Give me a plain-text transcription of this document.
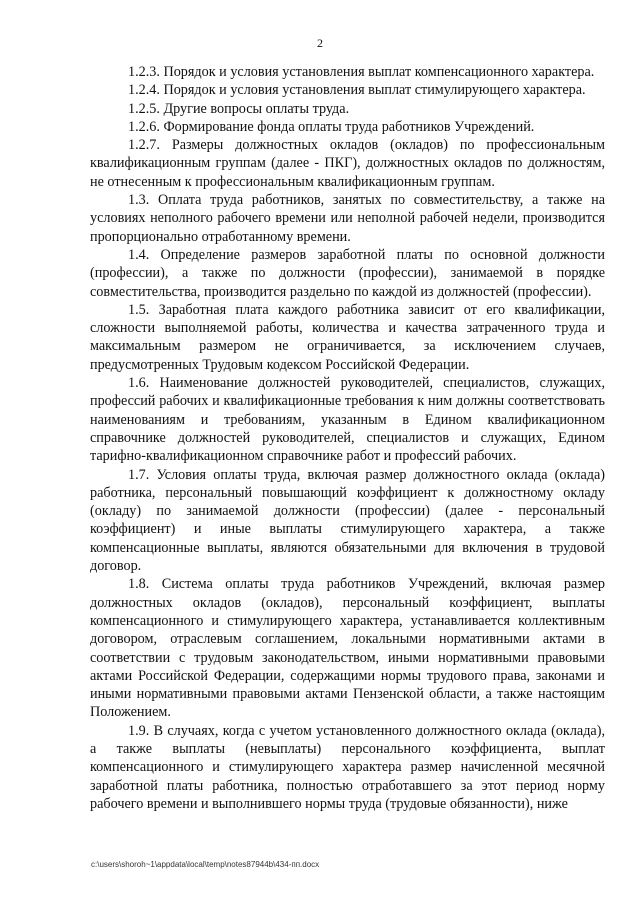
2

1.2.3. Порядок и условия установления выплат компенсационного характера.

1.2.4. Порядок и условия установления выплат стимулирующего характера.

1.2.5. Другие вопросы оплаты труда.

1.2.6. Формирование фонда оплаты труда работников Учреждений.

1.2.7. Размеры должностных окладов (окладов) по профессиональным квалификационным группам (далее - ПКГ), должностных окладов по должностям, не отнесенным к профессиональным квалификационным группам.

1.3. Оплата труда работников, занятых по совместительству, а также на условиях неполного рабочего времени или неполной рабочей недели, производится пропорционально отработанному времени.

1.4. Определение размеров заработной платы по основной должности (профессии), а также по должности (профессии), занимаемой в порядке совместительства, производится раздельно по каждой из должностей (профессии).

1.5. Заработная плата каждого работника зависит от его квалификации, сложности выполняемой работы, количества и качества затраченного труда и максимальным размером не ограничивается, за исключением случаев, предусмотренных Трудовым кодексом Российской Федерации.

1.6. Наименование должностей руководителей, специалистов, служащих, профессий рабочих и квалификационные требования к ним должны соответствовать наименованиям и требованиям, указанным в Едином квалификационном справочнике должностей руководителей, специалистов и служащих, Едином тарифно-квалификационном справочнике работ и профессий рабочих.

1.7. Условия оплаты труда, включая размер должностного оклада (оклада) работника, персональный повышающий коэффициент к должностному окладу (окладу) по занимаемой должности (профессии) (далее - персональный коэффициент) и иные выплаты стимулирующего характера, а также компенсационные выплаты, являются обязательными для включения в трудовой договор.

1.8. Система оплаты труда работников Учреждений, включая размер должностных окладов (окладов), персональный коэффициент, выплаты компенсационного и стимулирующего характера, устанавливается коллективным договором, отраслевым соглашением, локальными нормативными актами в соответствии с трудовым законодательством, иными нормативными правовыми актами Российской Федерации, содержащими нормы трудового права, законами и иными нормативными правовыми актами Пензенской области, а также настоящим Положением.

1.9. В случаях, когда с учетом установленного должностного оклада (оклада), а также выплаты (невыплаты) персонального коэффициента, выплат компенсационного и стимулирующего характера размер начисленной месячной заработной платы работника, полностью отработавшего за этот период норму рабочего времени и выполнившего нормы труда (трудовые обязанности), ниже

c:\users\shoroh~1\appdata\local\temp\notes87944b\434-пп.docx
